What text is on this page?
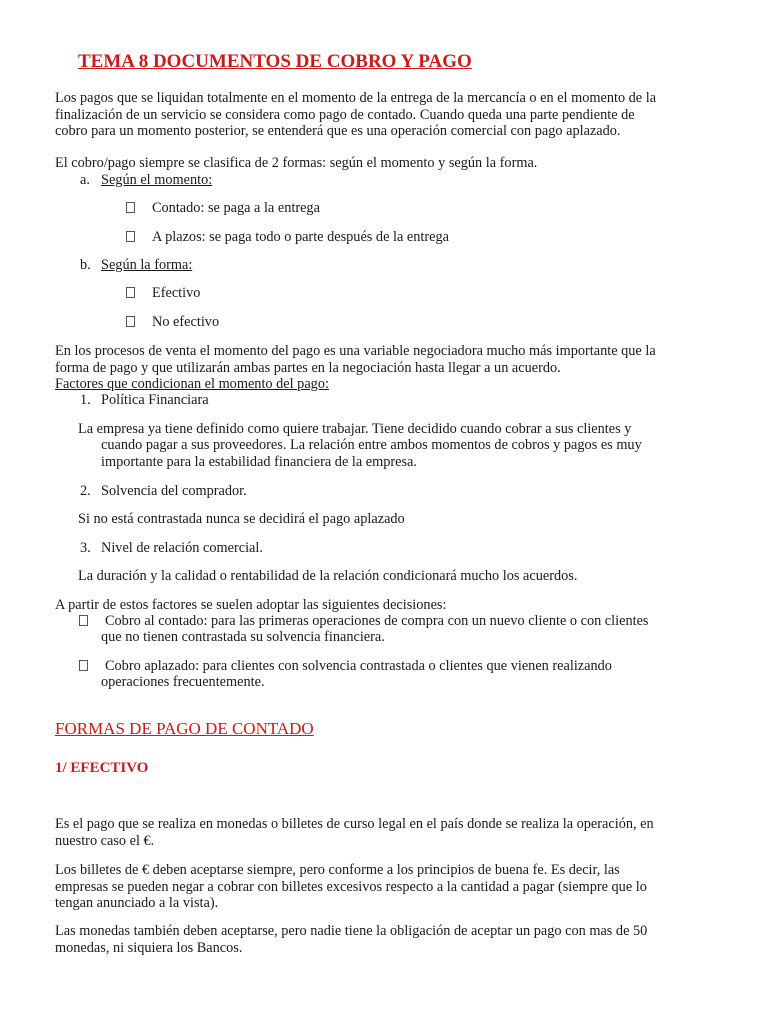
TEMA 8 DOCUMENTOS DE COBRO Y PAGO
Los pagos que se liquidan totalmente en el momento de la entrega de la mercancía o en el momento de la
finalización de un servicio se considera como pago de contado. Cuando queda una parte pendiente de
cobro para un momento posterior, se entenderá que es una operación comercial con pago aplazado.
El cobro/pago siempre se clasifica de 2 formas: según el momento y según la forma.
a. Según el momento:
Contado: se paga a la entrega
A plazos: se paga todo o parte después de la entrega
b. Según la forma:
Efectivo
No efectivo
En los procesos de venta el momento del pago es una variable negociadora mucho más importante que la
forma de pago y que utilizarán ambas partes en la negociación hasta llegar a un acuerdo.
Factores que condicionan el momento del pago:
1. Política Financiara
La empresa ya tiene definido como quiere trabajar. Tiene decidido cuando cobrar a sus clientes y
cuando pagar a sus proveedores. La relación entre ambos momentos de cobros y pagos es muy
importante para la estabilidad financiera de la empresa.
2. Solvencia del comprador.
Si no está contrastada nunca se decidirá el pago aplazado
3. Nivel de relación comercial.
La duración y la calidad o rentabilidad de la relación condicionará mucho los acuerdos.
A partir de estos factores se suelen adoptar las siguientes decisiones:
Cobro al contado: para las primeras operaciones de compra con un nuevo cliente o con clientes
que no tienen contrastada su solvencia financiera.
Cobro aplazado: para clientes con solvencia contrastada o clientes que vienen realizando
operaciones frecuentemente.
FORMAS DE PAGO DE CONTADO
1/ EFECTIVO
Es el pago que se realiza en monedas o billetes de curso legal en el país donde se realiza la operación, en
nuestro caso el €.
Los billetes de € deben aceptarse siempre, pero conforme a los principios de buena fe. Es decir, las
empresas se pueden negar a cobrar con billetes excesivos respecto a la cantidad a pagar (siempre que lo
tengan anunciado a la vista).
Las monedas también deben aceptarse, pero nadie tiene la obligación de aceptar un pago con mas de 50
monedas, ni siquiera los Bancos.
